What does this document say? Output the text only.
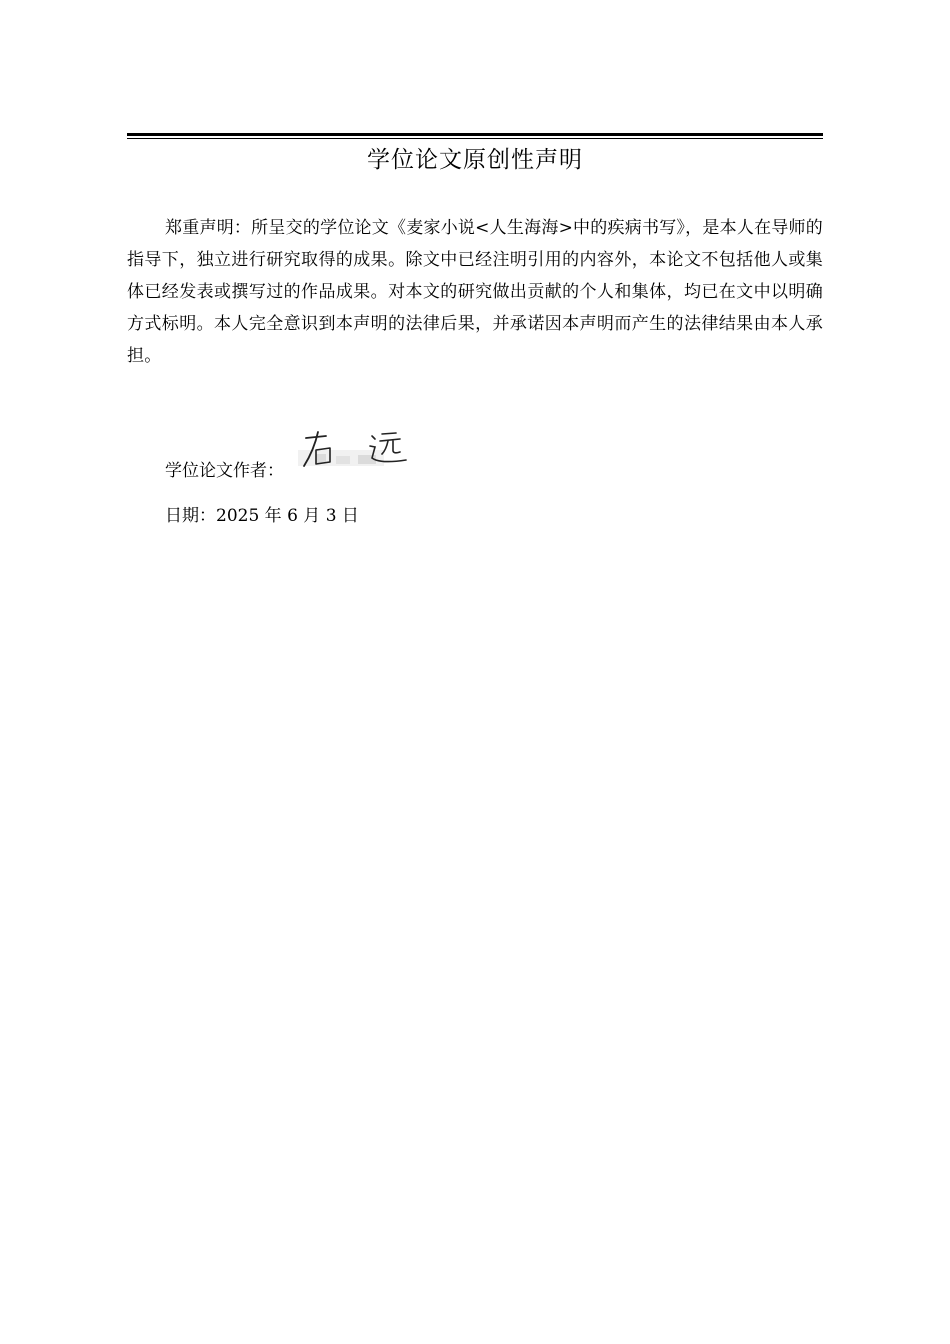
学位论文原创性声明

郑重声明：所呈交的学位论文《麦家小说<人生海海>中的疾病书写》，是本人在导师的指导下，独立进行研究取得的成果。除文中已经注明引用的内容外，本论文不包括他人或集体已经发表或撰写过的作品成果。对本文的研究做出贡献的个人和集体，均已在文中以明确方式标明。本人完全意识到本声明的法律后果，并承诺因本声明而产生的法律结果由本人承担。

学位论文作者：
日期：2025 年 6 月 3 日
